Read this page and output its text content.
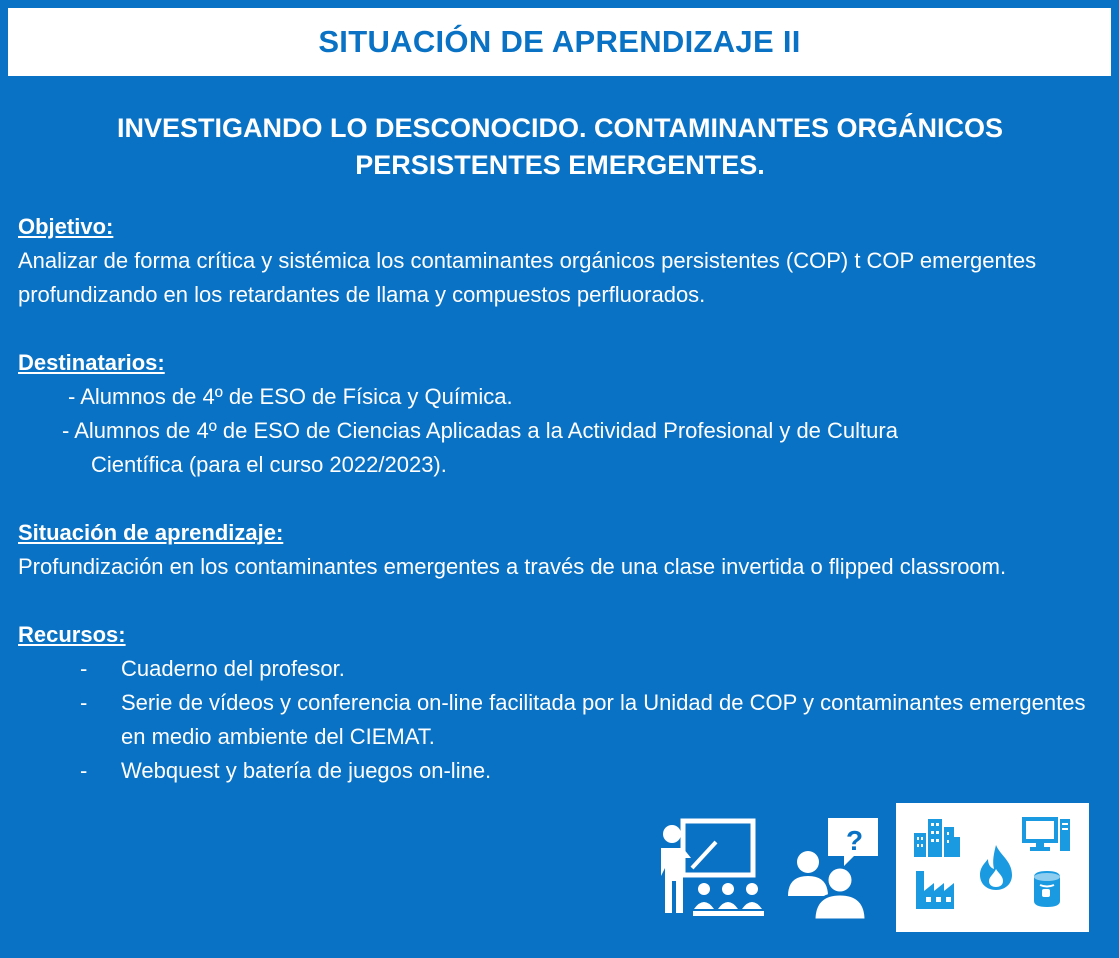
SITUACIÓN DE APRENDIZAJE II
INVESTIGANDO LO DESCONOCIDO. CONTAMINANTES ORGÁNICOS PERSISTENTES EMERGENTES.
Objetivo:

Analizar de forma crítica y sistémica los contaminantes orgánicos persistentes (COP) t COP emergentes profundizando en los retardantes de llama y compuestos perfluorados.

Destinatarios:
- Alumnos de 4º de ESO de Física y Química.
- Alumnos de 4º de ESO de Ciencias Aplicadas a la Actividad Profesional y de Cultura
Científica (para el curso 2022/2023).
Situación de aprendizaje:

Profundización en los contaminantes emergentes a través de una clase invertida o flipped classroom.

Recursos:
- Cuaderno del profesor.
- Serie de vídeos y conferencia on-line facilitada por la Unidad de COP y contaminantes emergentes en medio ambiente del CIEMAT.
- Webquest y batería de juegos on-line.
?
